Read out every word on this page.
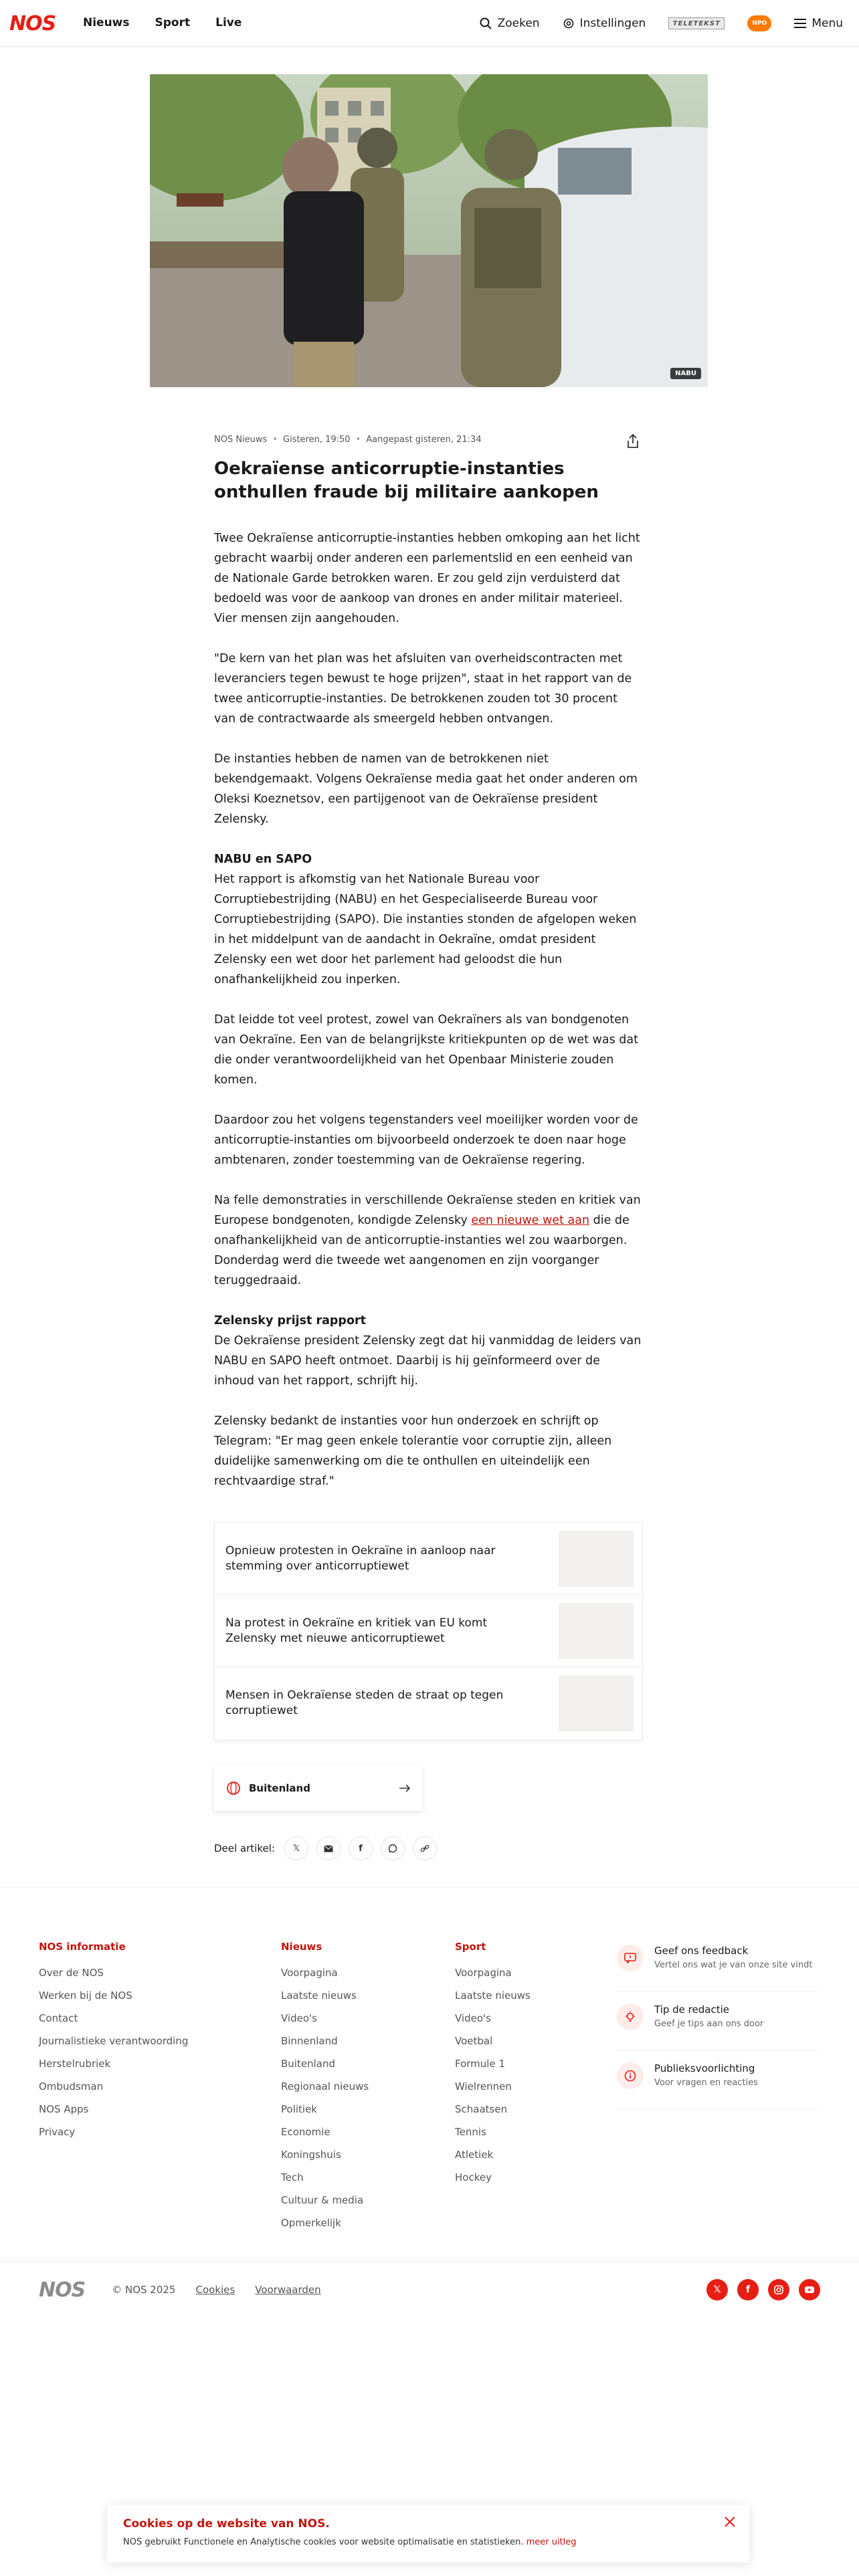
NOS Nieuws Sport Live	Zoeken	Instellingen	TELETEKST	NPO	Menu
NABU
NOS Nieuws • Gisteren, 19:50 • Aangepast gisteren, 21:34
Oekraïense anticorruptie-instanties onthullen fraude bij militaire aankopen

Twee Oekraïense anticorruptie-instanties hebben omkoping aan het licht gebracht waarbij onder anderen een parlementslid en een eenheid van de Nationale Garde betrokken waren. Er zou geld zijn verduisterd dat bedoeld was voor de aankoop van drones en ander militair materieel. Vier mensen zijn aangehouden.

"De kern van het plan was het afsluiten van overheidscontracten met leveranciers tegen bewust te hoge prijzen", staat in het rapport van de twee anticorruptie-instanties. De betrokkenen zouden tot 30 procent van de contractwaarde als smeergeld hebben ontvangen.

De instanties hebben de namen van de betrokkenen niet bekendgemaakt. Volgens Oekraïense media gaat het onder anderen om Oleksi Koeznetsov, een partijgenoot van de Oekraïense president Zelensky.

NABU en SAPO

Het rapport is afkomstig van het Nationale Bureau voor Corruptiebestrijding (NABU) en het Gespecialiseerde Bureau voor Corruptiebestrijding (SAPO). Die instanties stonden de afgelopen weken in het middelpunt van de aandacht in Oekraïne, omdat president Zelensky een wet door het parlement had geloodst die hun onafhankelijkheid zou inperken.

Dat leidde tot veel protest, zowel van Oekraïners als van bondgenoten van Oekraïne. Een van de belangrijkste kritiekpunten op de wet was dat die onder verantwoordelijkheid van het Openbaar Ministerie zouden komen.

Daardoor zou het volgens tegenstanders veel moeilijker worden voor de anticorruptie-instanties om bijvoorbeeld onderzoek te doen naar hoge ambtenaren, zonder toestemming van de Oekraïense regering.

Na felle demonstraties in verschillende Oekraïense steden en kritiek van Europese bondgenoten, kondigde Zelensky een nieuwe wet aan die de onafhankelijkheid van de anticorruptie-instanties wel zou waarborgen. Donderdag werd die tweede wet aangenomen en zijn voorganger teruggedraaid.

Zelensky prijst rapport

De Oekraïense president Zelensky zegt dat hij vanmiddag de leiders van NABU en SAPO heeft ontmoet. Daarbij is hij geïnformeerd over de inhoud van het rapport, schrijft hij.

Zelensky bedankt de instanties voor hun onderzoek en schrijft op Telegram: "Er mag geen enkele tolerantie voor corruptie zijn, alleen duidelijke samenwerking om die te onthullen en uiteindelijk een rechtvaardige straf."

Opnieuw protesten in Oekraïne in aanloop naar stemming over anticorruptiewet
Na protest in Oekraïne en kritiek van EU komt Zelensky met nieuwe anticorruptiewet
Mensen in Oekraïense steden de straat op tegen corruptiewet
Buitenland
Deel artikel: 𝕏	f
NOS informatie
Over de NOS
Werken bij de NOS
Contact
Journalistieke verantwoording
Herstelrubriek
Ombudsman
NOS Apps
Privacy
Nieuws
Voorpagina
Laatste nieuws
Video's
Binnenland
Buitenland
Regionaal nieuws
Politiek
Economie
Koningshuis
Tech
Cultuur & media
Opmerkelijk
Sport
Voorpagina
Laatste nieuws
Video's
Voetbal
Formule 1
Wielrennen
Schaatsen
Tennis
Atletiek
Hockey
Geef ons feedback
Vertel ons wat je van onze site vindt
Tip de redactie
Geef je tips aan ons door
Publieksvoorlichting
Voor vragen en reacties
NOS	© NOS 2025 Cookies Voorwaarden	𝕏	f
Cookies op de website van NOS.
NOS gebruikt Functionele en Analytische cookies voor website optimalisatie en statistieken. meer uitleg
